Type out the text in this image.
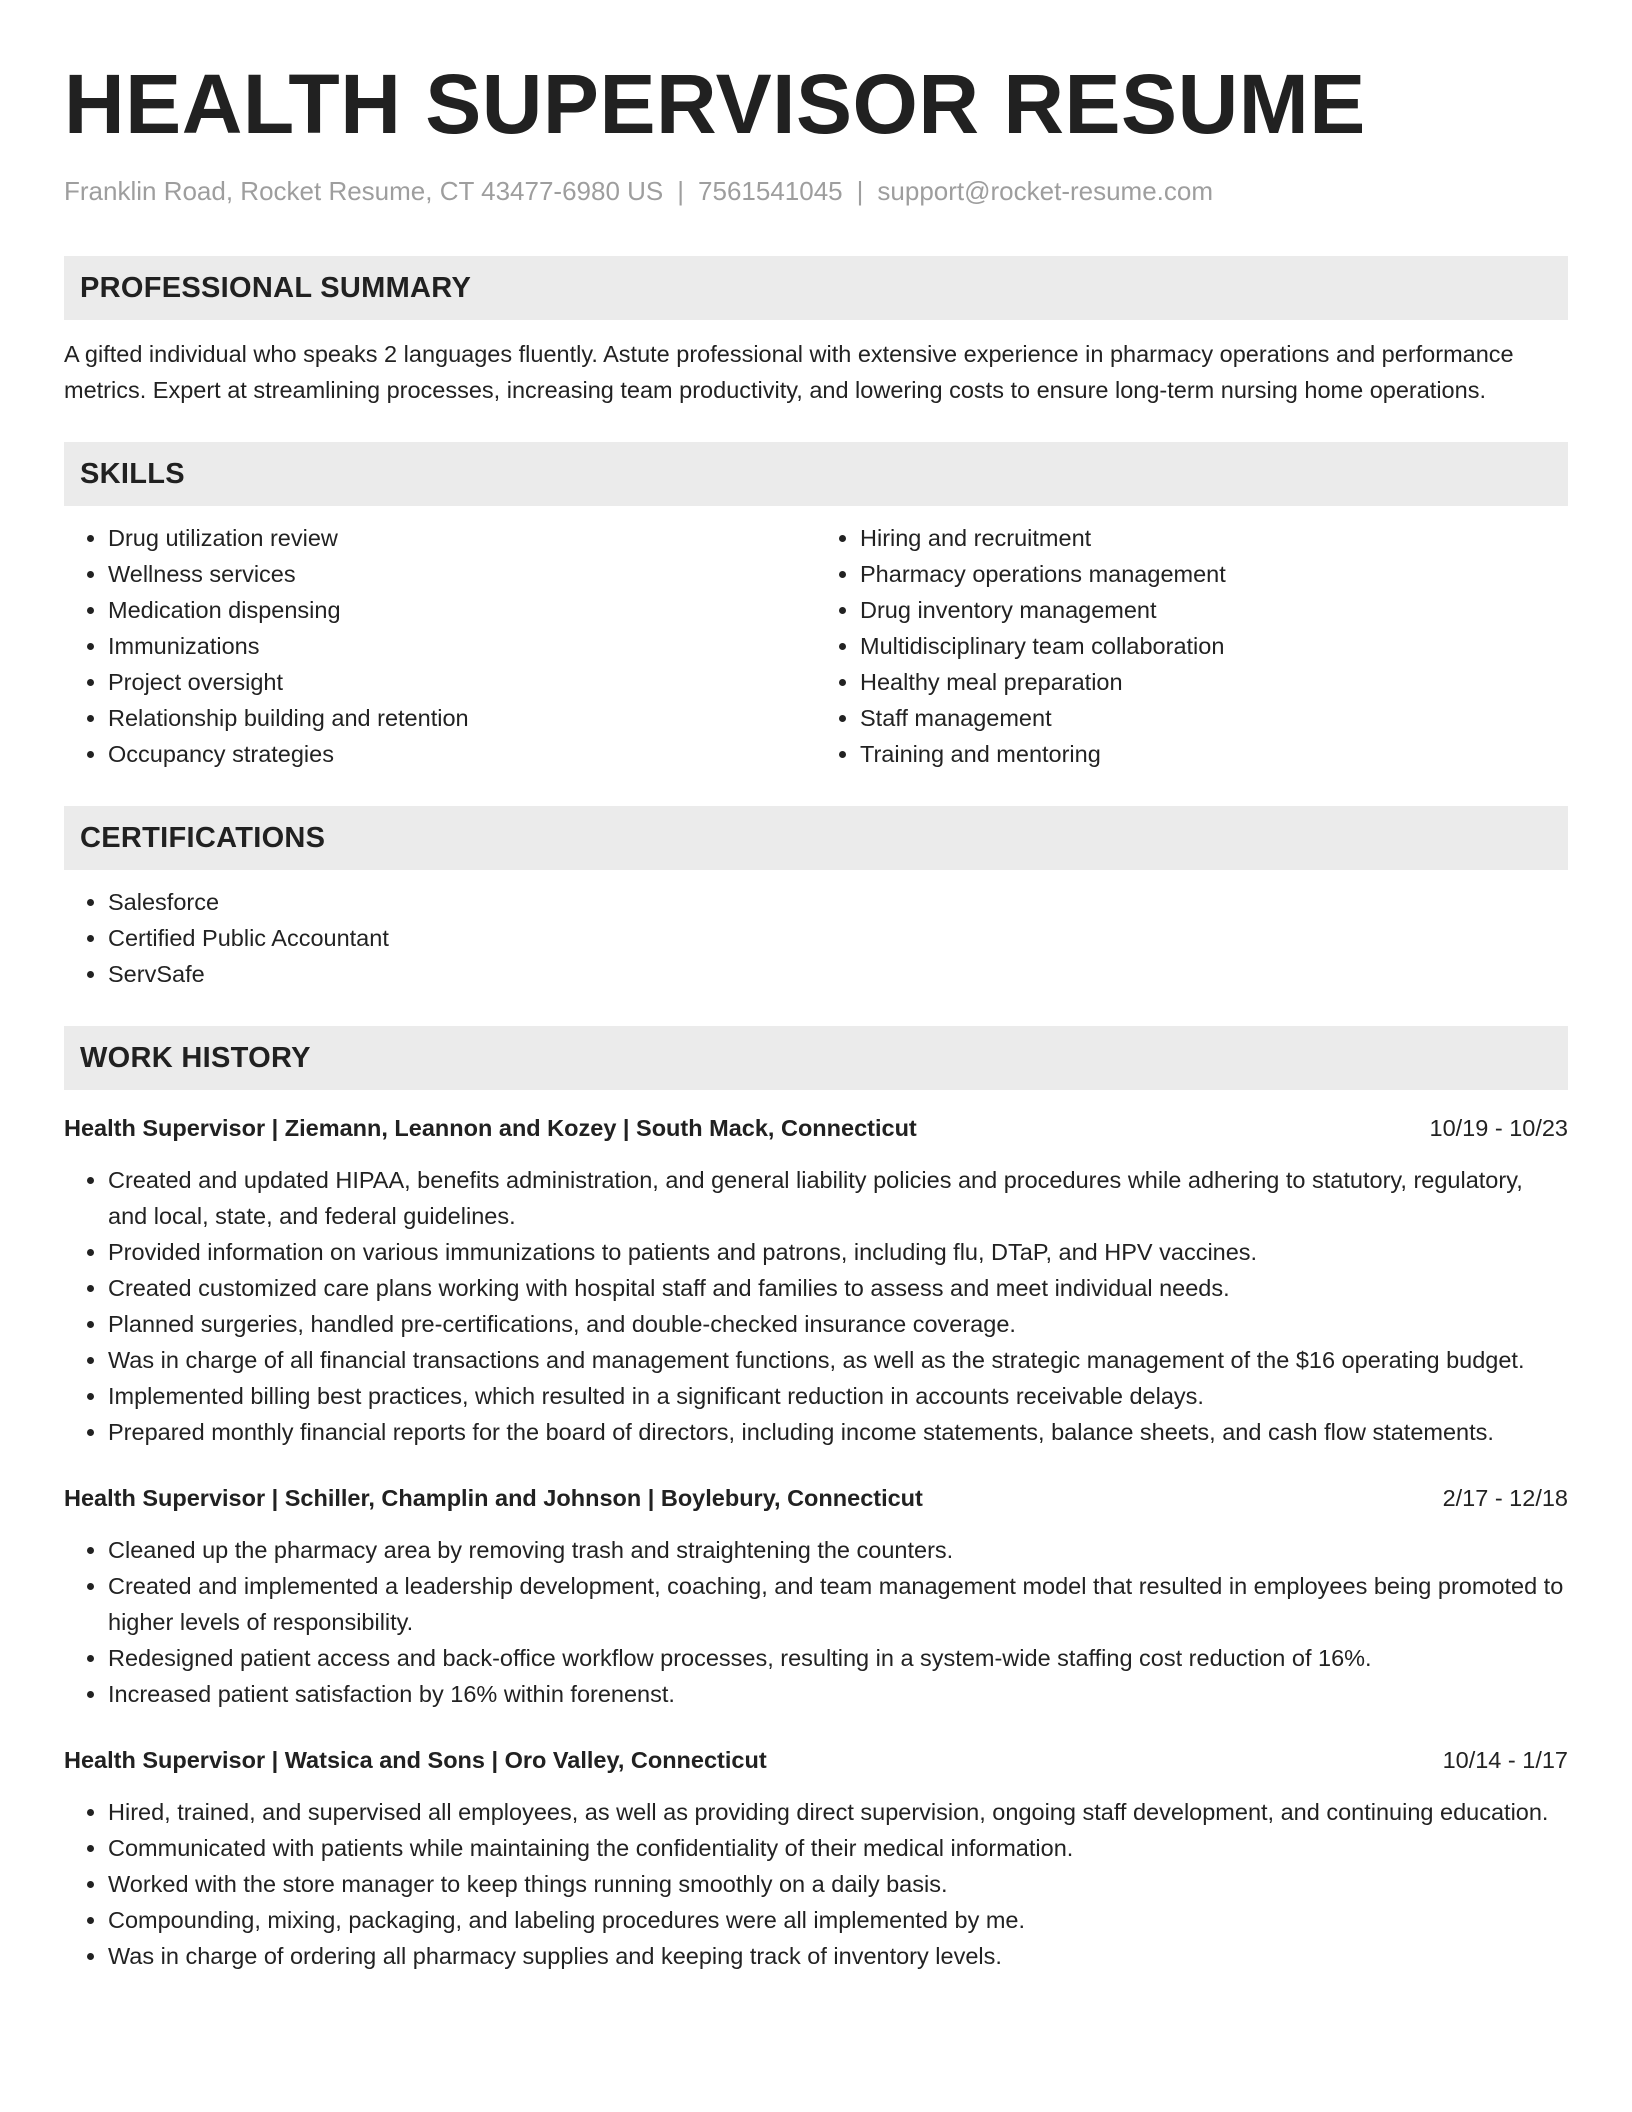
HEALTH SUPERVISOR RESUME
Franklin Road, Rocket Resume, CT 43477-6980 US | 7561541045 | support@rocket-resume.com
PROFESSIONAL SUMMARY

A gifted individual who speaks 2 languages fluently. Astute professional with extensive experience in pharmacy operations and performance metrics. Expert at streamlining processes, increasing team productivity, and lowering costs to ensure long-term nursing home operations.

SKILLS
• Drug utilization review
• Wellness services
• Medication dispensing
• Immunizations
• Project oversight
• Relationship building and retention
• Occupancy strategies
• Hiring and recruitment
• Pharmacy operations management
• Drug inventory management
• Multidisciplinary team collaboration
• Healthy meal preparation
• Staff management
• Training and mentoring
CERTIFICATIONS
• Salesforce
• Certified Public Accountant
• ServSafe
WORK HISTORY
Health Supervisor | Ziemann, Leannon and Kozey | South Mack, Connecticut	10/19 - 10/23
• Created and updated HIPAA, benefits administration, and general liability policies and procedures while adhering to statutory, regulatory, and local, state, and federal guidelines.
• Provided information on various immunizations to patients and patrons, including flu, DTaP, and HPV vaccines.
• Created customized care plans working with hospital staff and families to assess and meet individual needs.
• Planned surgeries, handled pre-certifications, and double-checked insurance coverage.
• Was in charge of all financial transactions and management functions, as well as the strategic management of the $16 operating budget.
• Implemented billing best practices, which resulted in a significant reduction in accounts receivable delays.
• Prepared monthly financial reports for the board of directors, including income statements, balance sheets, and cash flow statements.
Health Supervisor | Schiller, Champlin and Johnson | Boylebury, Connecticut	2/17 - 12/18
• Cleaned up the pharmacy area by removing trash and straightening the counters.
• Created and implemented a leadership development, coaching, and team management model that resulted in employees being promoted to higher levels of responsibility.
• Redesigned patient access and back-office workflow processes, resulting in a system-wide staffing cost reduction of 16%.
• Increased patient satisfaction by 16% within forenenst.
Health Supervisor | Watsica and Sons | Oro Valley, Connecticut	10/14 - 1/17
• Hired, trained, and supervised all employees, as well as providing direct supervision, ongoing staff development, and continuing education.
• Communicated with patients while maintaining the confidentiality of their medical information.
• Worked with the store manager to keep things running smoothly on a daily basis.
• Compounding, mixing, packaging, and labeling procedures were all implemented by me.
• Was in charge of ordering all pharmacy supplies and keeping track of inventory levels.
